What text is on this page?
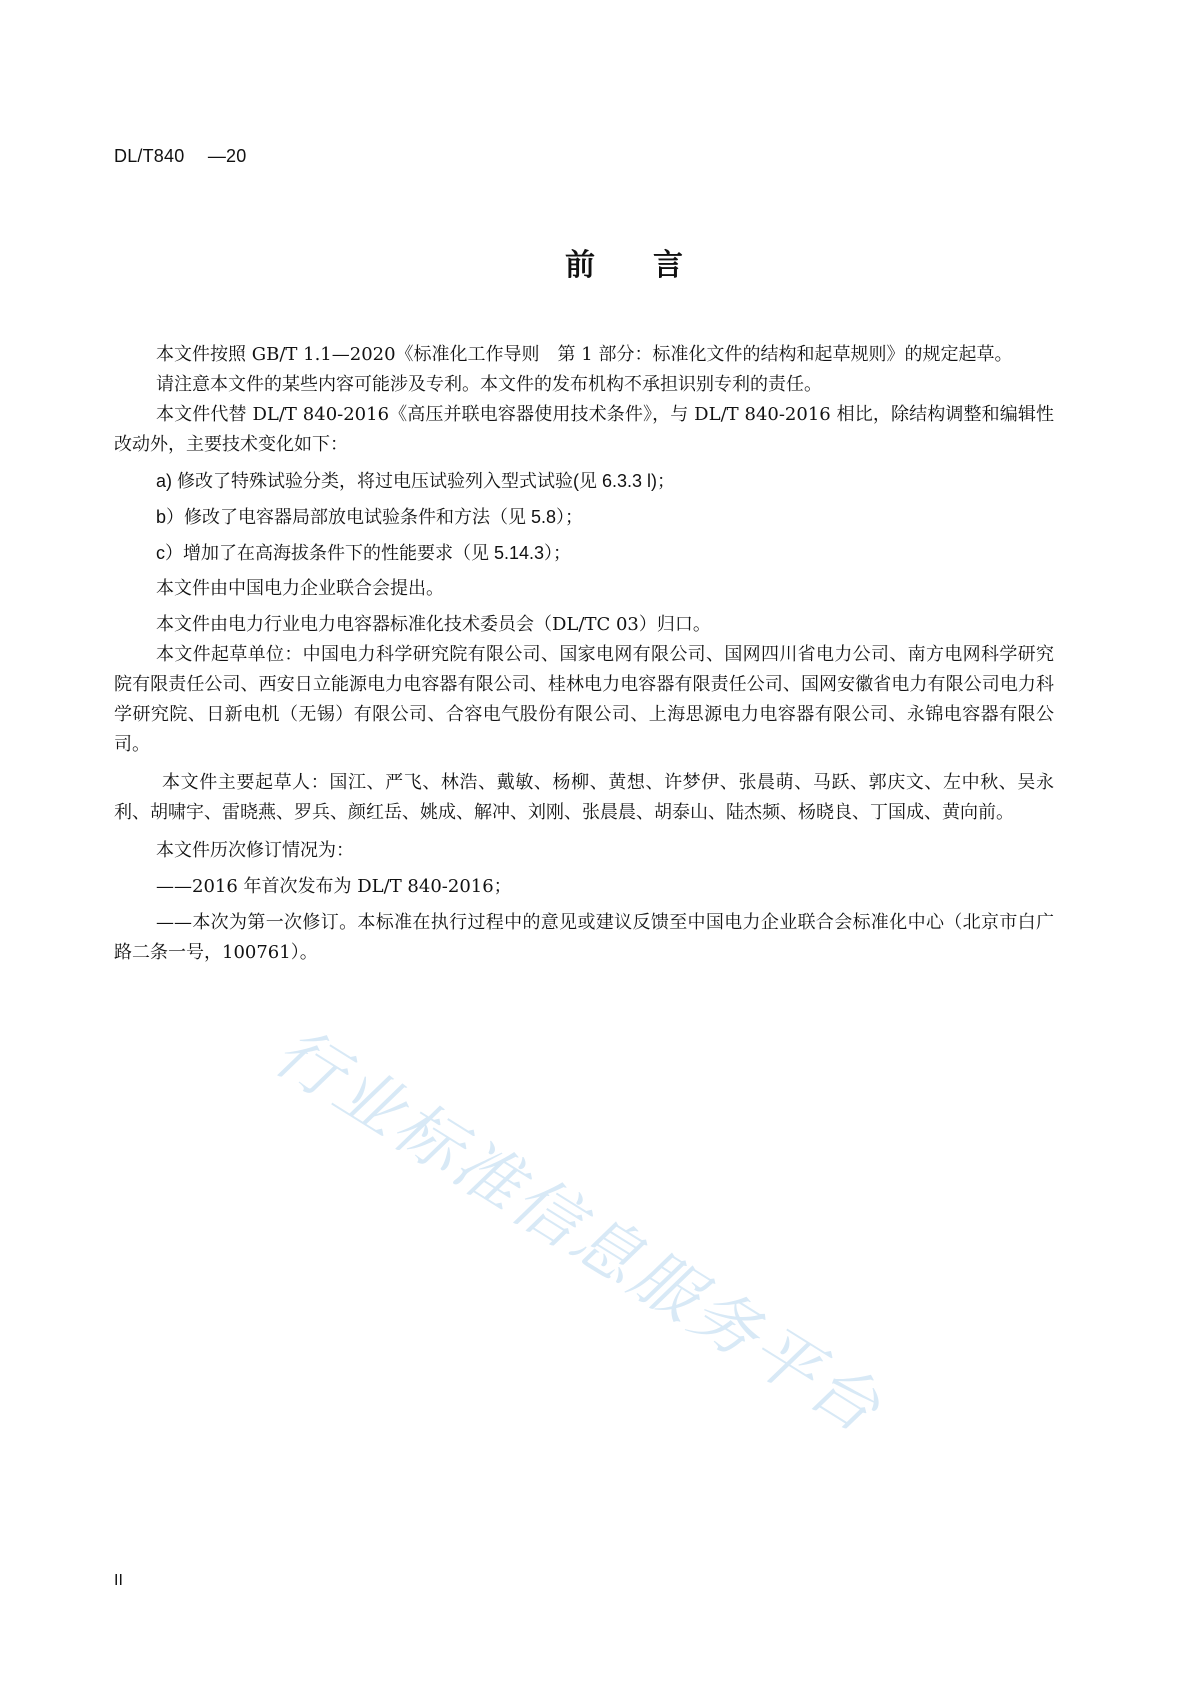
DL/T840　 —20
前言

本文件按照 GB/T 1.1—2020《标准化工作导则　第 1 部分：标准化文件的结构和起草规则》的规定起草。

请注意本文件的某些内容可能涉及专利。本文件的发布机构不承担识别专利的责任。

本文件代替 DL/T 840-2016《高压并联电容器使用技术条件》，与 DL/T 840-2016 相比，除结构调整和编辑性改动外，主要技术变化如下：

a) 修改了特殊试验分类，将过电压试验列入型式试验(见 6.3.3 l)；

b）修改了电容器局部放电试验条件和方法（见 5.8）；

c）增加了在高海拔条件下的性能要求（见 5.14.3）；

本文件由中国电力企业联合会提出。

本文件由电力行业电力电容器标准化技术委员会（DL/TC 03）归口。

本文件起草单位：中国电力科学研究院有限公司、国家电网有限公司、国网四川省电力公司、南方电网科学研究院有限责任公司、西安日立能源电力电容器有限公司、桂林电力电容器有限责任公司、国网安徽省电力有限公司电力科学研究院、日新电机（无锡）有限公司、合容电气股份有限公司、上海思源电力电容器有限公司、永锦电容器有限公司。

本文件主要起草人：国江、严飞、林浩、戴敏、杨柳、黄想、许梦伊、张晨萌、马跃、郭庆文、左中秋、吴永利、胡啸宇、雷晓燕、罗兵、颜红岳、姚成、解冲、刘刚、张晨晨、胡泰山、陆杰频、杨晓良、丁国成、黄向前。

本文件历次修订情况为：

——2016 年首次发布为 DL/T 840-2016；

——本次为第一次修订。本标准在执行过程中的意见或建议反馈至中国电力企业联合会标准化中心（北京市白广路二条一号，100761）。

行业标准信息服务平台
II
